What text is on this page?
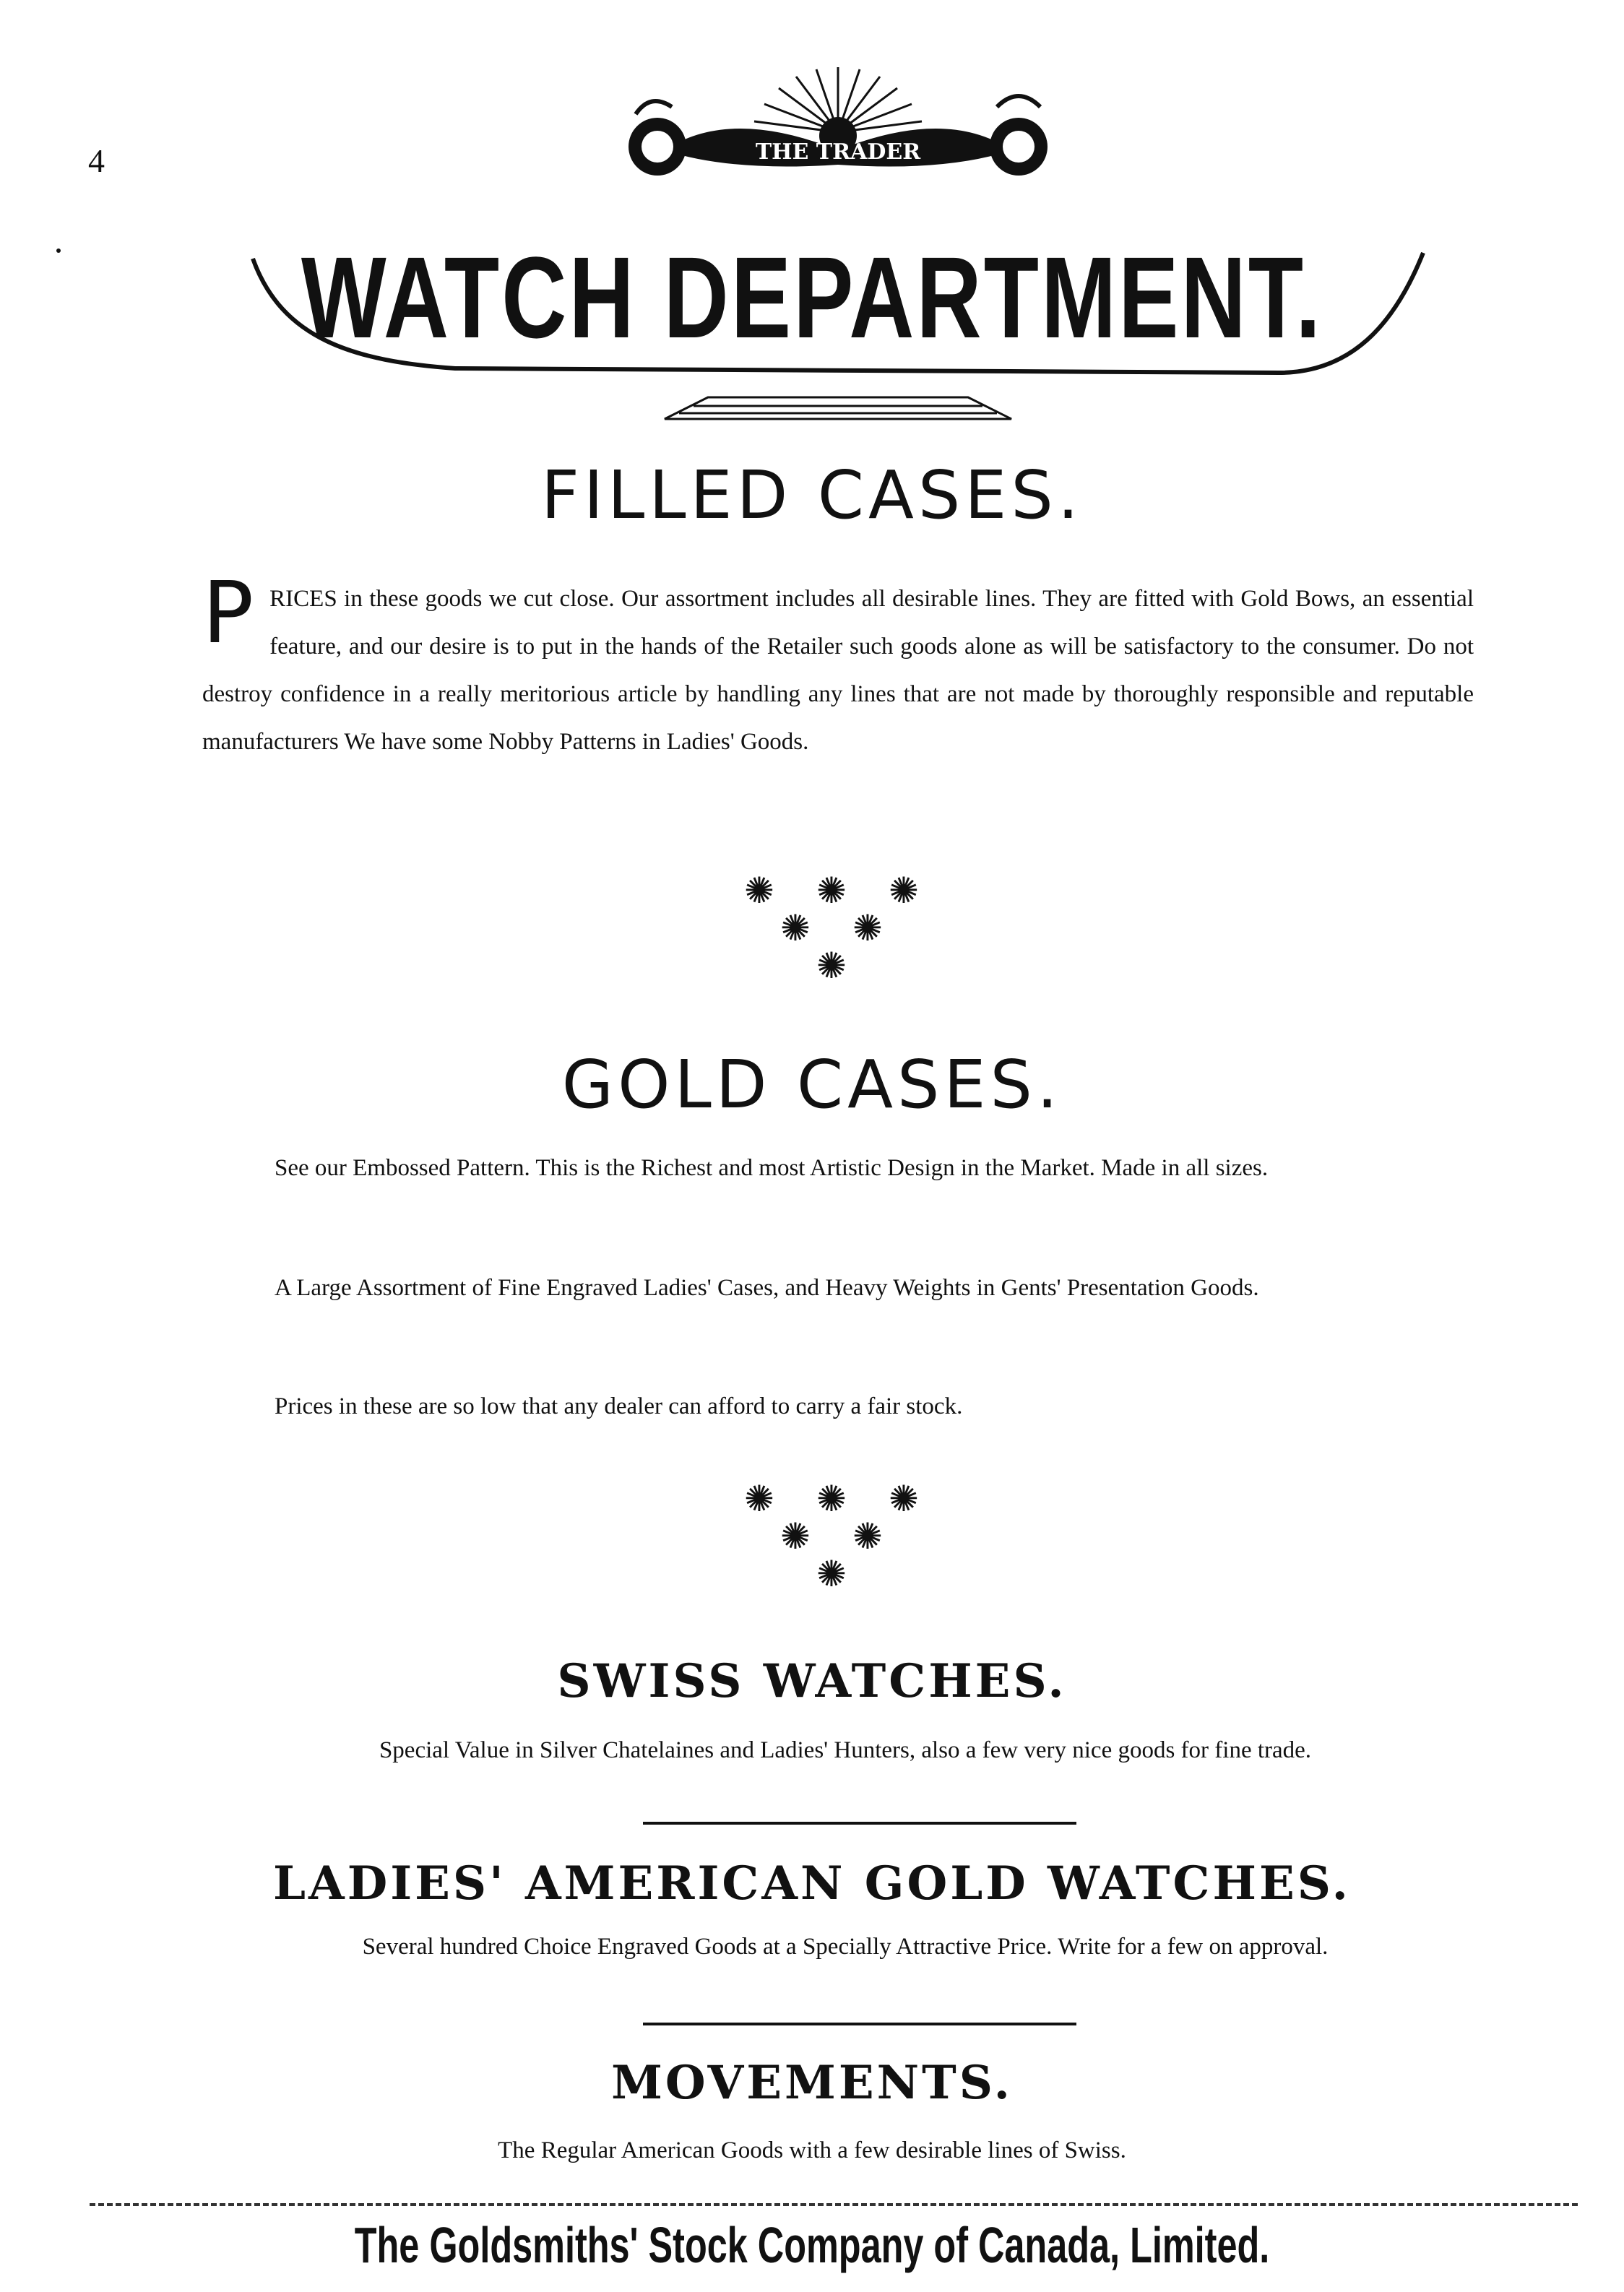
4	THE TRADER
WATCH DEPARTMENT.
FILLED CASES.
P RICES in these goods we cut close. Our assortment includes all desirable lines. They are fitted with Gold Bows, an essential feature, and our desire is to put in the hands of the Retailer such goods alone as will be satisfactory to the consumer. Do not destroy confidence in a really meritorious article by handling any lines that are not made by thoroughly responsible and reputable manufacturers We have some Nobby Patterns in Ladies' Goods.
✺ ✺ ✺
✺ ✺
✺
GOLD CASES.
See our Embossed Pattern. This is the Richest and most Artistic Design in the Market. Made in all sizes.
A Large Assortment of Fine Engraved Ladies' Cases, and Heavy Weights in Gents' Presentation Goods.
Prices in these are so low that any dealer can afford to carry a fair stock.
✺ ✺ ✺
✺ ✺
✺
SWISS WATCHES.
Special Value in Silver Chatelaines and Ladies' Hunters, also a few very nice goods for fine trade.
LADIES' AMERICAN GOLD WATCHES.
Several hundred Choice Engraved Goods at a Specially Attractive Price. Write for a few on approval.
MOVEMENTS.
The Regular American Goods with a few desirable lines of Swiss.
The Goldsmiths' Stock Company of Canada, Limited.
